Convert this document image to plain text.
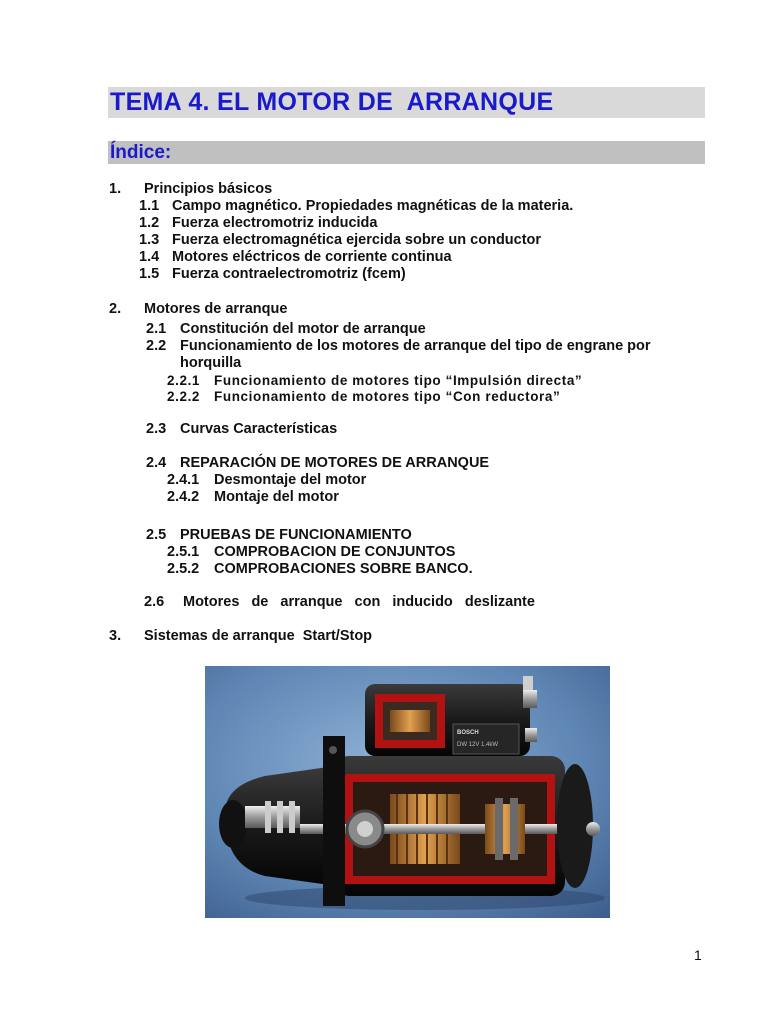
TEMA 4. EL MOTOR DE  ARRANQUE
Índice:
1. Principios básicos
1.1 Campo magnético. Propiedades magnéticas de la materia.
1.2 Fuerza electromotriz inducida
1.3 Fuerza electromagnética ejercida sobre un conductor
1.4 Motores eléctricos de corriente continua
1.5 Fuerza contraelectromotriz (fcem)
2. Motores de arranque
2.1 Constitución del motor de arranque
2.2 Funcionamiento de los motores de arranque del tipo de engrane por
horquilla
2.2.1 Funcionamiento de motores tipo “Impulsión directa”
2.2.2 Funcionamiento de motores tipo “Con reductora”
2.3 Curvas Características
2.4 REPARACIÓN DE MOTORES DE ARRANQUE
2.4.1 Desmontaje del motor
2.4.2 Montaje del motor
2.5 PRUEBAS DE FUNCIONAMIENTO
2.5.1 COMPROBACION DE CONJUNTOS
2.5.2 COMPROBACIONES SOBRE BANCO.
2.6 Motores  de  arranque  con  inducido  deslizante
3. Sistemas de arranque  Start/Stop
BOSCH
DW 12V 1.4kW
1
